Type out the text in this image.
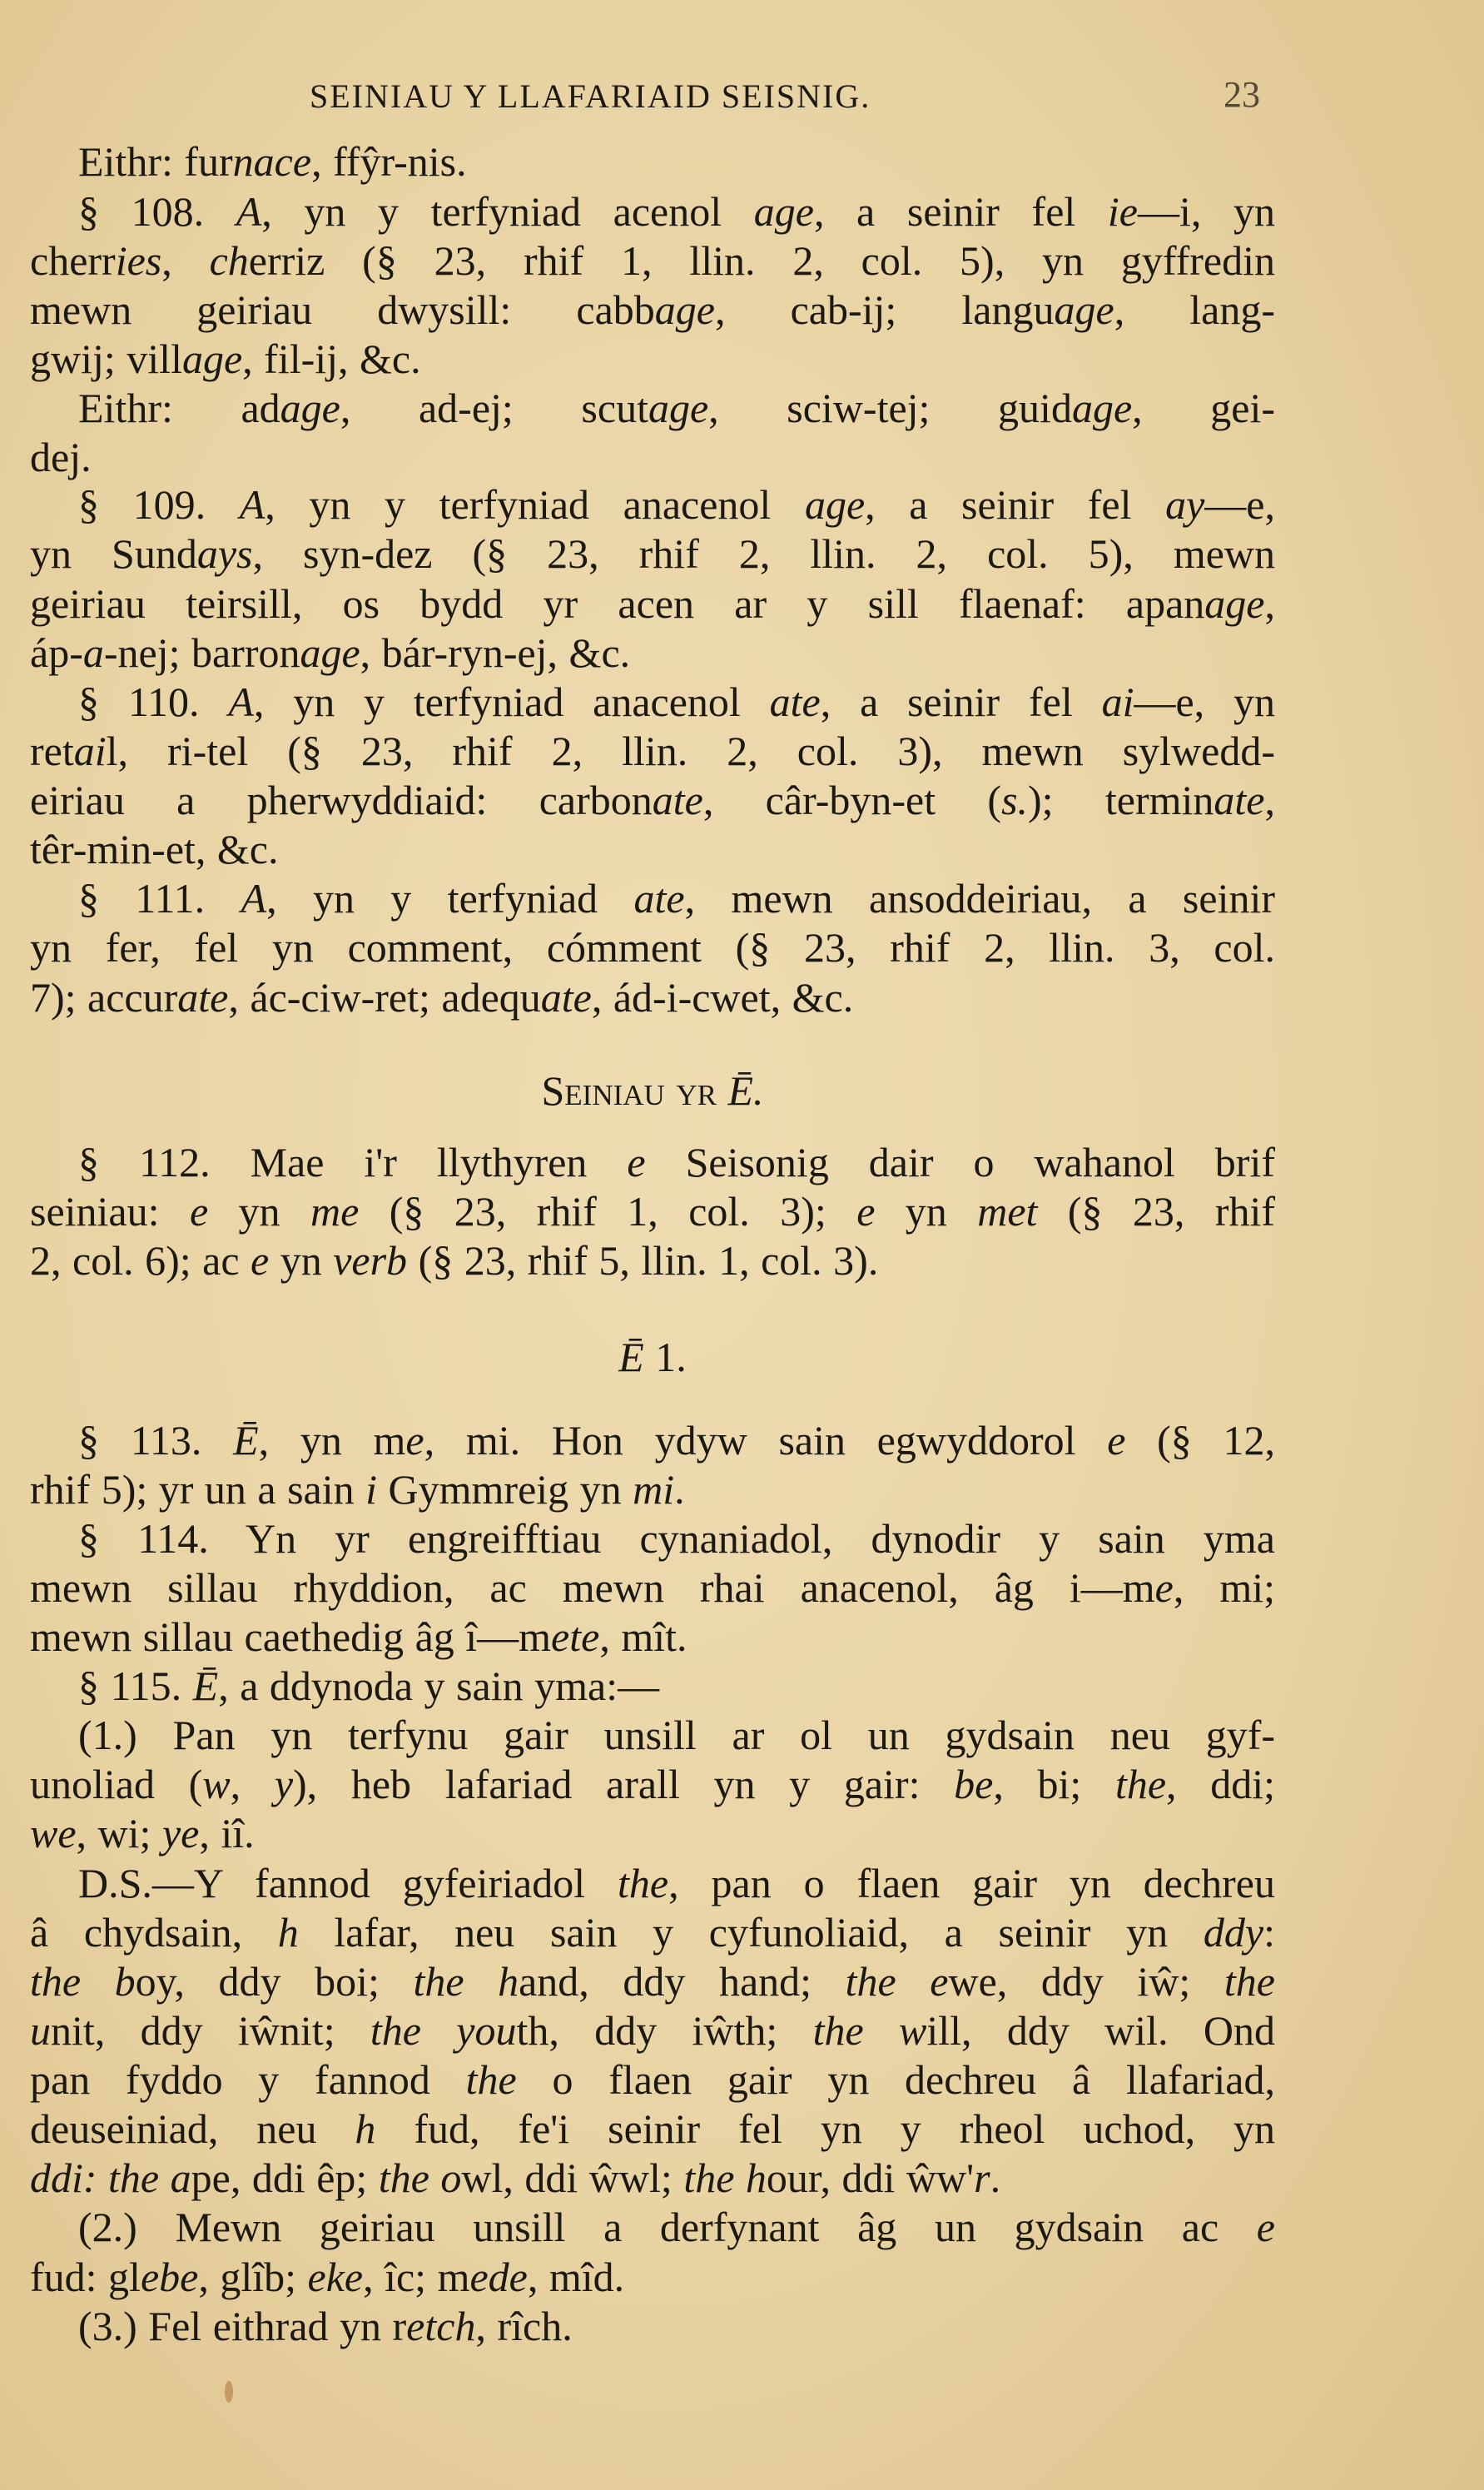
SEINIAU Y LLAFARIAID SEISNIG.	23
Eithr: furnace, ffŷr-nis.
§ 108. A, yn y terfyniad acenol age, a seinir fel ie—i, yn
cherries, cherriz (§ 23, rhif 1, llin. 2, col. 5), yn gyffredin
mewn geiriau dwysill: cabbage, cab-ij; language, lang-
gwij; village, fil-ij, &c.
Eithr: adage, ad-ej; scutage, sciw-tej; guidage, gei-
dej.
§ 109. A, yn y terfyniad anacenol age, a seinir fel ay—e,
yn Sundays, syn-dez (§ 23, rhif 2, llin. 2, col. 5), mewn
geiriau teirsill, os bydd yr acen ar y sill flaenaf: apanage,
áp-a-nej; barronage, bár-ryn-ej, &c.
§ 110. A, yn y terfyniad anacenol ate, a seinir fel ai—e, yn
retail, ri-tel (§ 23, rhif 2, llin. 2, col. 3), mewn sylwedd-
eiriau a pherwyddiaid: carbonate, câr-byn-et (s.); terminate,
têr-min-et, &c.
§ 111. A, yn y terfyniad ate, mewn ansoddeiriau, a seinir
yn fer, fel yn comment, cómment (§ 23, rhif 2, llin. 3, col.
7); accurate, ác-ciw-ret; adequate, ád-i-cwet, &c.
Seiniau yr Ē.
§ 112. Mae i'r llythyren e Seisonig dair o wahanol brif
seiniau: e yn me (§ 23, rhif 1, col. 3); e yn met (§ 23, rhif
2, col. 6); ac e yn verb (§ 23, rhif 5, llin. 1, col. 3).
Ē 1.
§ 113. Ē, yn me, mi. Hon ydyw sain egwyddorol e (§ 12,
rhif 5); yr un a sain i Gymmreig yn mi.
§ 114. Yn yr engreifftiau cynaniadol, dynodir y sain yma
mewn sillau rhyddion, ac mewn rhai anacenol, âg i—me, mi;
mewn sillau caethedig âg î—mete, mît.
§ 115. Ē, a ddynoda y sain yma:—
(1.) Pan yn terfynu gair unsill ar ol un gydsain neu gyf-
unoliad (w, y), heb lafariad arall yn y gair: be, bi; the, ddi;
we, wi; ye, iî.
D.S.—Y fannod gyfeiriadol the, pan o flaen gair yn dechreu
â chydsain, h lafar, neu sain y cyfunoliaid, a seinir yn ddy:
the boy, ddy boi; the hand, ddy hand; the ewe, ddy iŵ; the
unit, ddy iŵnit; the youth, ddy iŵth; the will, ddy wil. Ond
pan fyddo y fannod the o flaen gair yn dechreu â llafariad,
deuseiniad, neu h fud, fe'i seinir fel yn y rheol uchod, yn
ddi: the ape, ddi êp; the owl, ddi ŵwl; the hour, ddi ŵw'r.
(2.) Mewn geiriau unsill a derfynant âg un gydsain ac e
fud: glebe, glîb; eke, îc; mede, mîd.
(3.) Fel eithrad yn retch, rîch.
